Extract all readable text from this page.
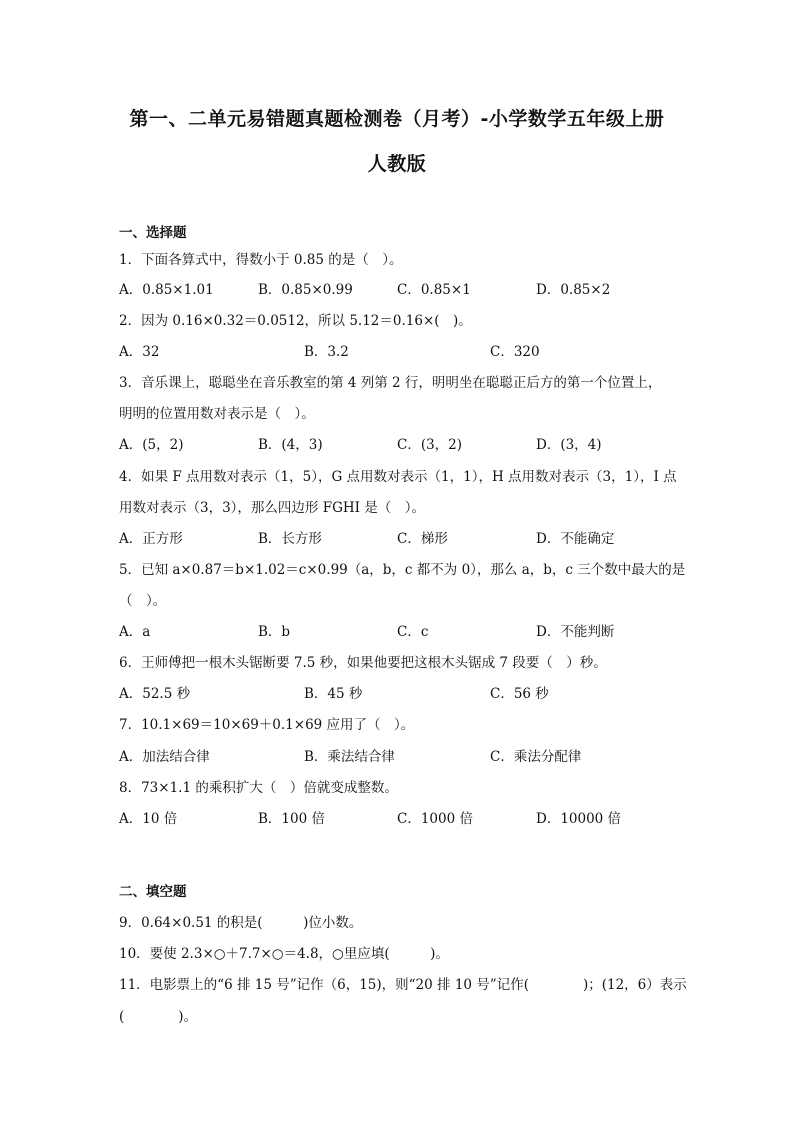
第一、二单元易错题真题检测卷（月考）-小学数学五年级上册
人教版
一、选择题
1．下面各算式中，得数小于 0.85 的是（　）。
A．0.85×1.01	B．0.85×0.99	C．0.85×1	D．0.85×2
2．因为 0.16×0.32＝0.0512，所以 5.12＝0.16×(　)。
A．32	B．3.2	C．320
3．音乐课上，聪聪坐在音乐教室的第 4 列第 2 行，明明坐在聪聪正后方的第一个位置上，
明明的位置用数对表示是（　）。
A．(5，2)	B．(4，3)	C．(3，2)	D．(3，4)
4．如果 F 点用数对表示（1，5），G 点用数对表示（1，1），H 点用数对表示（3，1），I 点
用数对表示（3，3），那么四边形 FGHI 是（　）。
A．正方形	B．长方形	C．梯形	D．不能确定
5．已知 a×0.87＝b×1.02＝c×0.99（a，b，c 都不为 0），那么 a，b，c 三个数中最大的是
（　）。
A．a	B．b	C．c	D．不能判断
6．王师傅把一根木头锯断要 7.5 秒，如果他要把这根木头锯成 7 段要（　）秒。
A．52.5 秒	B．45 秒	C．56 秒
7．10.1×69＝10×69＋0.1×69 应用了（　）。
A．加法结合律	B．乘法结合律	C．乘法分配律
8．73×1.1 的乘积扩大（　）倍就变成整数。
A．10 倍	B．100 倍	C．1000 倍	D．10000 倍
二、填空题
9．0.64×0.51 的积是(　　　)位小数。
10．要使 2.3×○＋7.7×○＝4.8，○里应填(　　　)。
11．电影票上的“6 排 15 号”记作（6，15)，则“20 排 10 号”记作(　　　　)；(12，6）表示
(　　　　)。
